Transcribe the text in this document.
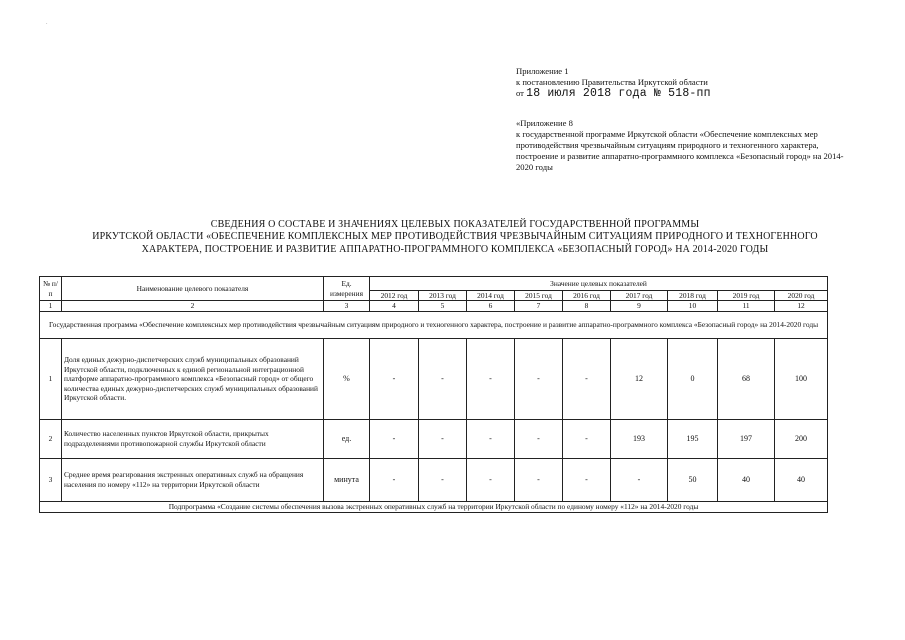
.
Приложение 1
к постановлению Правительства Иркутской области
от 18 июля 2018 года № 518-пп
«Приложение 8
к государственной программе Иркутской области «Обеспечение комплексных мер противодействия чрезвычайным ситуациям природного и техногенного характера, построение и развитие аппаратно-программного комплекса «Безопасный город» на 2014-2020 годы
СВЕДЕНИЯ О СОСТАВЕ И ЗНАЧЕНИЯХ ЦЕЛЕВЫХ ПОКАЗАТЕЛЕЙ ГОСУДАРСТВЕННОЙ ПРОГРАММЫ
ИРКУТСКОЙ ОБЛАСТИ «ОБЕСПЕЧЕНИЕ КОМПЛЕКСНЫХ МЕР ПРОТИВОДЕЙСТВИЯ ЧРЕЗВЫЧАЙНЫМ СИТУАЦИЯМ ПРИРОДНОГО И ТЕХНОГЕННОГО
ХАРАКТЕРА, ПОСТРОЕНИЕ И РАЗВИТИЕ АППАРАТНО-ПРОГРАММНОГО КОМПЛЕКСА «БЕЗОПАСНЫЙ ГОРОД» НА 2014-2020 ГОДЫ
№ п/п	Наименование целевого показателя	Ед. измерения	Значение целевых показателей								
			2012 год	2013 год	2014 год	2015 год	2016 год	2017 год	2018 год	2019 год	2020 год
1	2	3	4	5	6	7	8	9	10	11	12
Государственная программа «Обеспечение комплексных мер противодействия чрезвычайным ситуациям природного и техногенного характера, построение и развитие аппаратно-программного комплекса «Безопасный город» на 2014-2020 годы											
1	Доля единых дежурно-диспетчерских служб муниципальных образований Иркутской области, подключенных к единой региональной интеграционной платформе аппаратно-программного комплекса «Безопасный город» от общего количества единых дежурно-диспетчерских служб муниципальных образований Иркутской области.	%	-	-	-	-	-	12	0	68	100
2	Количество населенных пунктов Иркутской области, прикрытых подразделениями противопожарной службы Иркутской области	ед.	-	-	-	-	-	193	195	197	200
3	Среднее время реагирования экстренных оперативных служб на обращения населения по номеру «112» на территории Иркутской области	минута	-	-	-	-	-	-	50	40	40
Подпрограмма «Создание системы обеспечения вызова экстренных оперативных служб на территории Иркутской области по единому номеру «112» на 2014-2020 годы											
